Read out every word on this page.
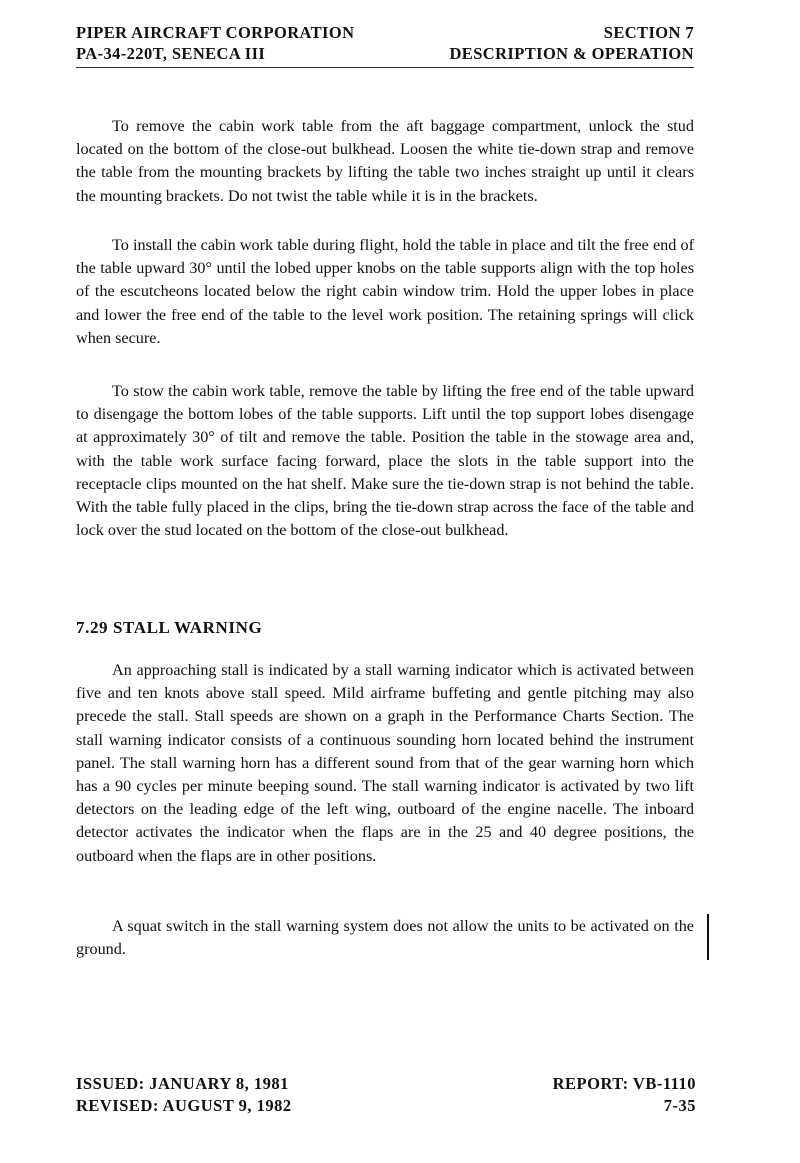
PIPER AIRCRAFT CORPORATION	SECTION 7
PA-34-220T, SENECA III	DESCRIPTION & OPERATION

To remove the cabin work table from the aft baggage compartment, unlock the stud located on the bottom of the close-out bulkhead. Loosen the white tie-down strap and remove the table from the mounting brackets by lifting the table two inches straight up until it clears the mounting brackets. Do not twist the table while it is in the brackets.

To install the cabin work table during flight, hold the table in place and tilt the free end of the table upward 30° until the lobed upper knobs on the table supports align with the top holes of the escutcheons located below the right cabin window trim. Hold the upper lobes in place and lower the free end of the table to the level work position. The retaining springs will click when secure.

To stow the cabin work table, remove the table by lifting the free end of the table upward to disengage the bottom lobes of the table supports. Lift until the top support lobes disengage at approximately 30° of tilt and remove the table. Position the table in the stowage area and, with the table work surface facing forward, place the slots in the table support into the receptacle clips mounted on the hat shelf. Make sure the tie-down strap is not behind the table. With the table fully placed in the clips, bring the tie-down strap across the face of the table and lock over the stud located on the bottom of the close-out bulkhead.

7.29 STALL WARNING

An approaching stall is indicated by a stall warning indicator which is activated between five and ten knots above stall speed. Mild airframe buffeting and gentle pitching may also precede the stall. Stall speeds are shown on a graph in the Performance Charts Section. The stall warning indicator consists of a continuous sounding horn located behind the instrument panel. The stall warning horn has a different sound from that of the gear warning horn which has a 90 cycles per minute beeping sound. The stall warning indicator is activated by two lift detectors on the leading edge of the left wing, outboard of the engine nacelle. The inboard detector activates the indicator when the flaps are in the 25 and 40 degree positions, the outboard when the flaps are in other positions.

A squat switch in the stall warning system does not allow the units to be activated on the ground.

ISSUED: JANUARY 8, 1981	REPORT: VB-1110
REVISED: AUGUST 9, 1982	7-35
